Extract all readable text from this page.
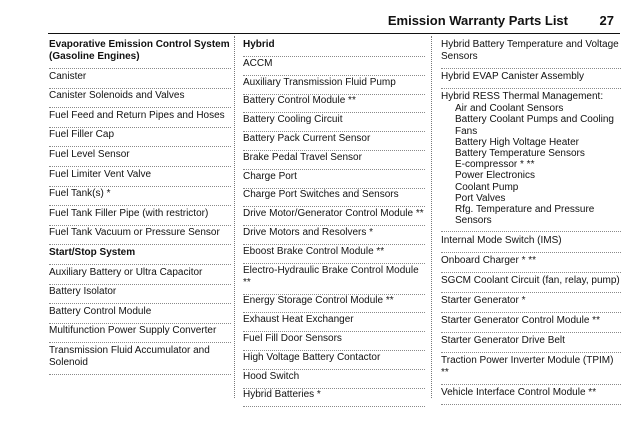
Emission Warranty Parts List 27
Evaporative Emission Control System (Gasoline Engines)
Canister
Canister Solenoids and Valves
Fuel Feed and Return Pipes and Hoses
Fuel Filler Cap
Fuel Level Sensor
Fuel Limiter Vent Valve
Fuel Tank(s) *
Fuel Tank Filler Pipe (with restrictor)
Fuel Tank Vacuum or Pressure Sensor
Start/Stop System
Auxiliary Battery or Ultra Capacitor
Battery Isolator
Battery Control Module
Multifunction Power Supply Converter
Transmission Fluid Accumulator and Solenoid
Hybrid
ACCM
Auxiliary Transmission Fluid Pump
Battery Control Module **
Battery Cooling Circuit
Battery Pack Current Sensor
Brake Pedal Travel Sensor
Charge Port
Charge Port Switches and Sensors
Drive Motor/Generator Control Module **
Drive Motors and Resolvers *
Eboost Brake Control Module **
Electro-Hydraulic Brake Control Module **
Energy Storage Control Module **
Exhaust Heat Exchanger
Fuel Fill Door Sensors
High Voltage Battery Contactor
Hood Switch
Hybrid Batteries *
Hybrid Battery Temperature and Voltage Sensors
Hybrid EVAP Canister Assembly
Hybrid RESS Thermal Management:
Air and Coolant Sensors
Battery Coolant Pumps and Cooling Fans
Battery High Voltage Heater
Battery Temperature Sensors
E-compressor * **
Power Electronics
Coolant Pump
Port Valves
Rfg. Temperature and Pressure Sensors
Internal Mode Switch (IMS)
Onboard Charger * **
SGCM Coolant Circuit (fan, relay, pump)
Starter Generator *
Starter Generator Control Module **
Starter Generator Drive Belt
Traction Power Inverter Module (TPIM) **
Vehicle Interface Control Module **
